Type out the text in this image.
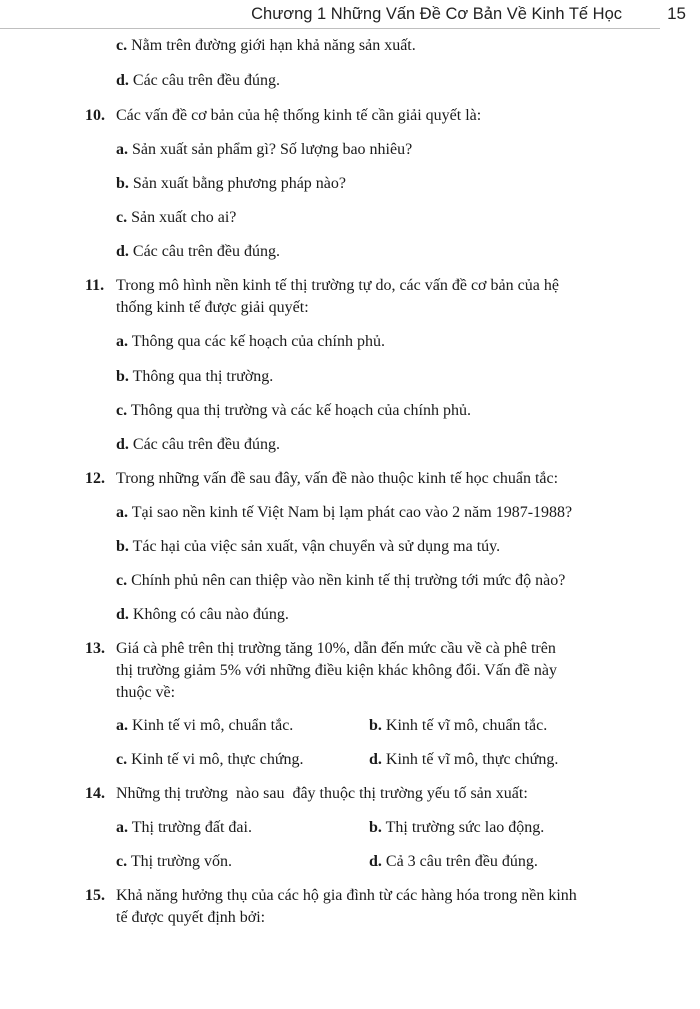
Chương 1 Những Vấn Đề Cơ Bản Về Kinh Tế Học	15
c. Nằm trên đường giới hạn khả năng sản xuất.
d. Các câu trên đều đúng.
10. Các vấn đề cơ bản của hệ thống kinh tế cần giải quyết là:
a. Sản xuất sản phẩm gì? Số lượng bao nhiêu?
b. Sản xuất bằng phương pháp nào?
c. Sản xuất cho ai?
d. Các câu trên đều đúng.
11. Trong mô hình nền kinh tế thị trường tự do, các vấn đề cơ bản của hệ
thống kinh tế được giải quyết:
a. Thông qua các kế hoạch của chính phủ.
b. Thông qua thị trường.
c. Thông qua thị trường và các kế hoạch của chính phủ.
d. Các câu trên đều đúng.
12. Trong những vấn đề sau đây, vấn đề nào thuộc kinh tế học chuẩn tắc:
a. Tại sao nền kinh tế Việt Nam bị lạm phát cao vào 2 năm 1987-1988?
b. Tác hại của việc sản xuất, vận chuyển và sử dụng ma túy.
c. Chính phủ nên can thiệp vào nền kinh tế thị trường tới mức độ nào?
d. Không có câu nào đúng.
13. Giá cà phê trên thị trường tăng 10%, dẫn đến mức cầu về cà phê trên
thị trường giảm 5% với những điều kiện khác không đổi. Vấn đề này
thuộc về:
a. Kinh tế vi mô, chuẩn tắc.	b. Kinh tế vĩ mô, chuẩn tắc.
c. Kinh tế vi mô, thực chứng.	d. Kinh tế vĩ mô, thực chứng.
14. Những thị trường  nào sau  đây thuộc thị trường yếu tố sản xuất:
a. Thị trường đất đai.	b. Thị trường sức lao động.
c. Thị trường vốn.	d. Cả 3 câu trên đều đúng.
15. Khả năng hưởng thụ của các hộ gia đình từ các hàng hóa trong nền kinh
tế được quyết định bởi:
